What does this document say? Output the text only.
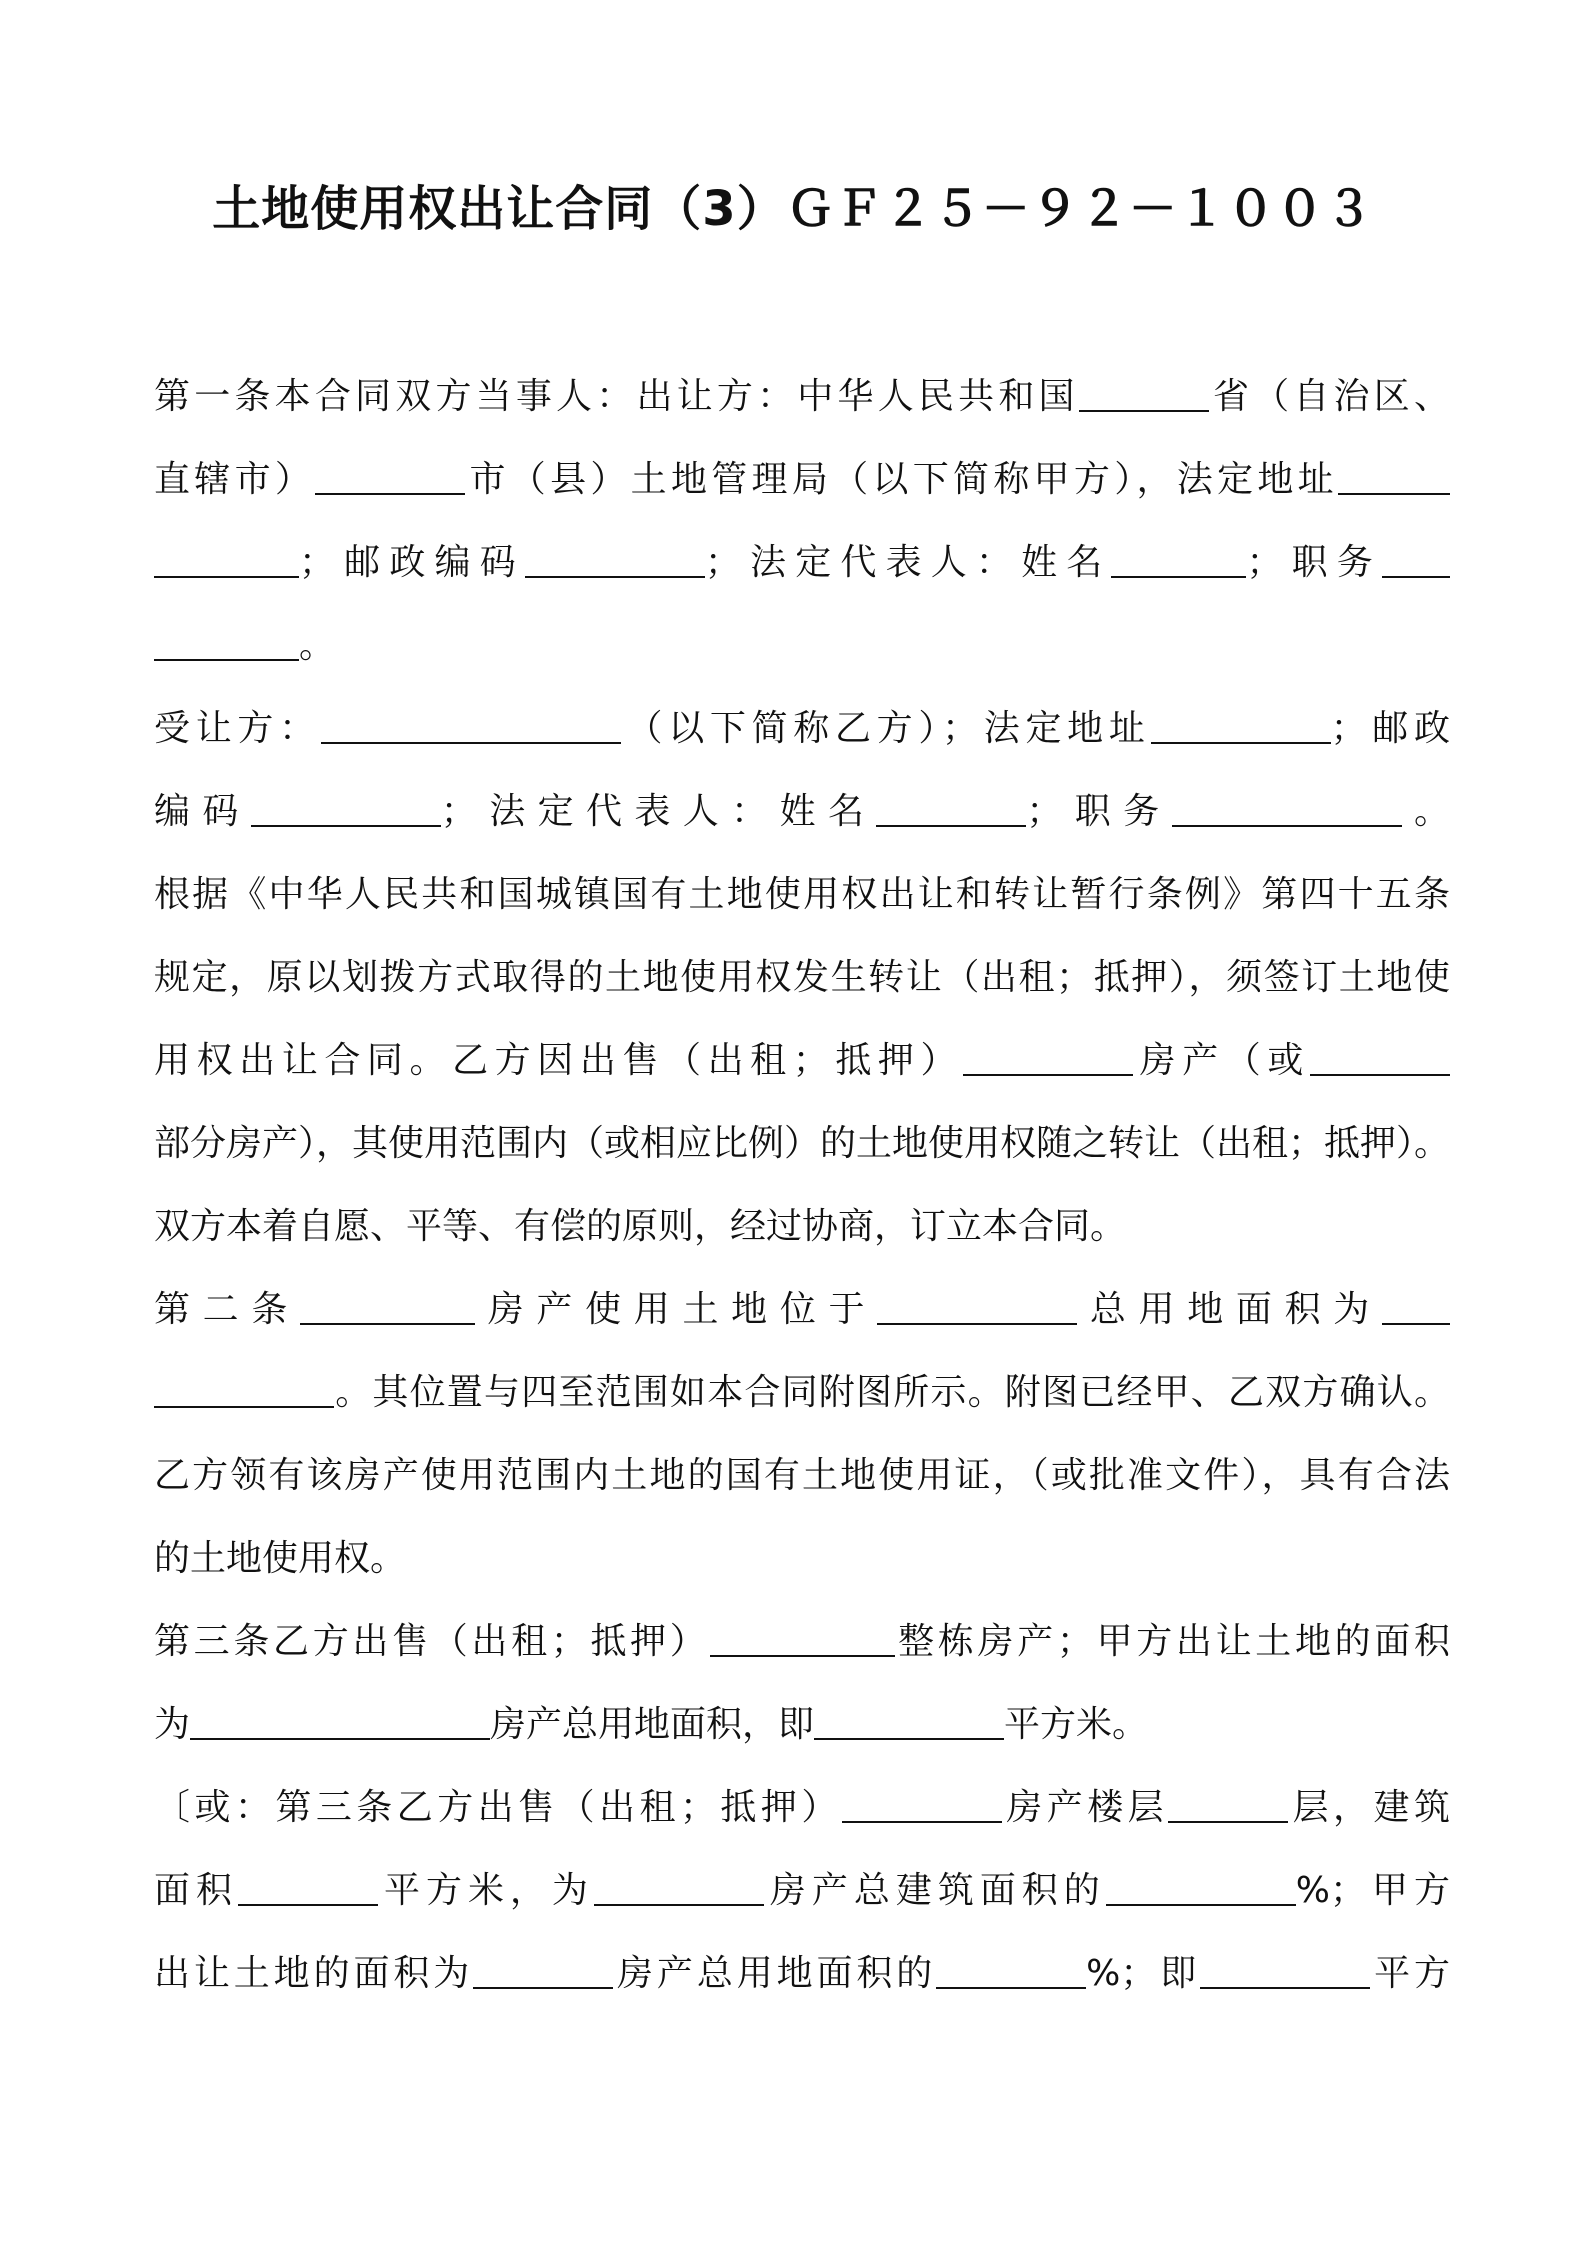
土地使用权出让合同（3）ＧＦ２５－９２－１００３
第一条本合同双方当事人：出让方：中华人民共和国	省（自治区、
直辖市）	市（县）土地管理局（以下简称甲方），法定地址
；邮政编码	；法定代表人：姓名	；职务
。
受让方：	（以下简称乙方）；法定地址	；邮政
编码	；法定代表人：姓名	；职务	。
根据《中华人民共和国城镇国有土地使用权出让和转让暂行条例》第四十五条
规定，原以划拨方式取得的土地使用权发生转让（出租；抵押），须签订土地使
用权出让合同。乙方因出售（出租；抵押）	房产（或
部分房产），其使用范围内（或相应比例）的土地使用权随之转让（出租；抵押）。
双方本着自愿、平等、有偿的原则，经过协商，订立本合同。
第二条	房产使用土地位于	总用地面积为
。其位置与四至范围如本合同附图所示。附图已经甲、乙双方确认。
乙方领有该房产使用范围内土地的国有土地使用证，（或批准文件），具有合法
的土地使用权。
第三条乙方出售（出租；抵押）	整栋房产；甲方出让土地的面积
为	房产总用地面积，即	平方米。
〔或：第三条乙方出售（出租；抵押）	房产楼层	层，建筑
面积	平方米，为	房产总建筑面积的	%；甲方
出让土地的面积为	房产总用地面积的	%；即	平方
